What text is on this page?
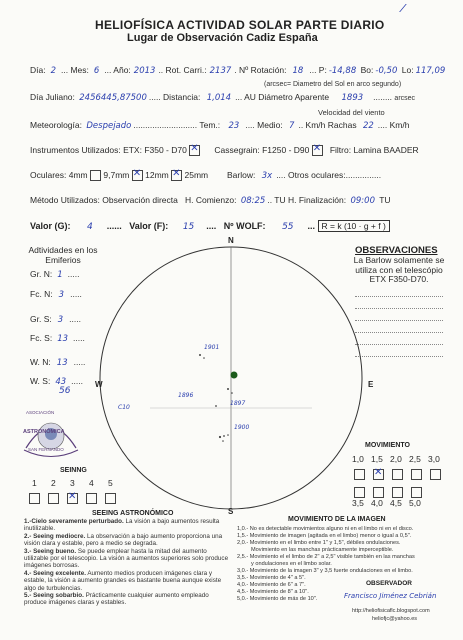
⁄
HELIOFÍSICA ACTIVIDAD SOLAR PARTE DIARIO
Lugar de Observación Cadiz España
Día: 2 ... Mes: 6 ... Año: 2013 .. Rot. Carri.: 2137 . Nº Rotación: 18 ... P: -14,88 Bo: -0,50 Lo: 117,09
(arcsec= Diametro del Sol en arco segundo)
Día Juliano: 2456445,87500 ..... Distancia: 1,014 ... AU Diámetro Aparente 1893 ........ arcsec
Velocidad del viento
Meteorología: Despejado ........................... Tem.: 23 .... Medio: 7 .. Km/h Rachas 22 .... Km/h
Instrumentos Utilizados: ETX: F350 - D70 ✕	Cassegrain: F1250 - D90 ✕ Filtro: Lamina BAADER
Oculares: 4mm 9,7mm ✕ 12mm ✕ 25mm Barlow: 3x .... Otros oculares:...............
Método Utilizados: Observación directa H. Comienzo: 08:25 .. TU H. Finalización: 09:00 TU
Valor (G): 4 ......   Valor (F): 15 ....   Nº WOLF: 55 ... R = k (10 · g + f )
Adtividades en los Emiferios
Gr. N: 1 .....
Fc. N: 3 .....
Gr. S: 3 .....
Fc. S: 13 .....
W. N: 13 .....
W. S: 43 .....
56
OBSERVACIONES
La Barlow solamente se utiliza con el telescópio ETX F350-D70.
N
S
E
W
1901
1896
1897
1900
C10
ASOCIACIÓN
ASTRONÓMICA
SAN FERNANDO
SEINNG
1 2 3 4 5
✕
MOVIMIENTO
1,0 1,5 2,0 2,5 3,0
✕
3,5 4,0 4,5 5,0
SEEING ASTRONÓMICO
1.-Cielo severamente perturbado. La visión a bajo aumentos resulta inutilizable.
2.- Seeing mediocre. La observación a bajo aumento proporciona una visión clara y estable, pero a medio se degrada.
3.- Seeing bueno. Se puede emplear hasta la mitad del aumento utilizable por el telescopio. La visión a aumentos superiores solo produce imágenes borrosas.
4.- Seeing excelente. Aumento medios producen imágenes clara y estable, la visión a aumento grandes es bastante buena aunque existe algo de turbulencias.
5.- Seeing sobarbio. Prácticamente cualquier aumento empleado produce imágenes claras y estables.
MOVIMIENTO DE LA IMAGEN
1,0.- No es detectable movimientos alguno ni en el limbo ni en el disco.
1,5.- Movimiento de imagen (agitada en el limbo) menor o igual a 0,5".
2,0.- Movimiento en el limbo entre 1" y 1,5", débiles ondulaciones.
Movimiento en las manchas prácticamente imperceptible.
2,5.- Movimiento el el limbo de 2" a 2,5" visible también en las manchas
y ondulaciones en el limbo solar.
3,0.- Movimiento de la imagen 3" y 3,5 fuerte ondulaciones en el limbo.
3,5.- Movimiento de 4" a 5".
4,0.- Movimiento de 6" a 7".
4,5.- Movimiento de 8" a 10".
5,0.- Movimiento de más de 10".
OBSERVADOR
Francisco Jiménez Cebrián
http://heliofisicaflc.blogspot.com
heliofjc@yahoo.es
